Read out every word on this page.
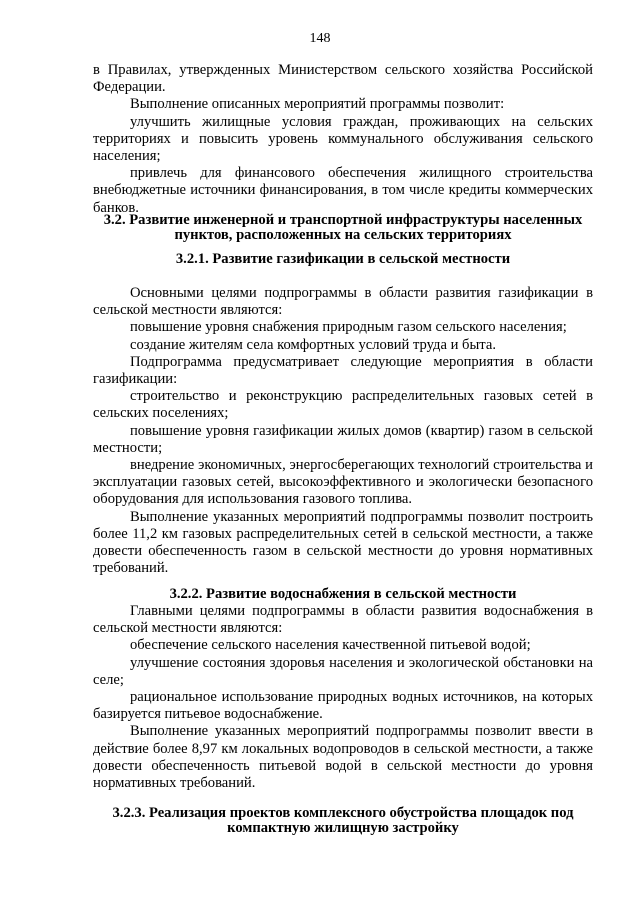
148

в Правилах, утвержденных Министерством сельского хозяйства Российской Федерации.

Выполнение описанных мероприятий программы позволит:

улучшить жилищные условия граждан, проживающих на сельских территориях и повысить уровень коммунального обслуживания сельского населения;

привлечь для финансового обеспечения жилищного строительства внебюджетные источники финансирования, в том числе кредиты коммерческих банков.

3.2. Развитие инженерной и транспортной инфраструктуры населенных пунктов, расположенных на сельских территориях

3.2.1. Развитие газификации в сельской местности

Основными целями подпрограммы в области развития газификации в сельской местности являются:

повышение уровня снабжения природным газом сельского населения;

создание жителям села комфортных условий труда и быта.

Подпрограмма предусматривает следующие мероприятия в области газификации:

строительство и реконструкцию распределительных газовых сетей в сельских поселениях;

повышение уровня газификации жилых домов (квартир) газом в сельской местности;

внедрение экономичных, энергосберегающих технологий строительства и эксплуатации газовых сетей, высокоэффективного и экологически безопасного оборудования для использования газового топлива.

Выполнение указанных мероприятий подпрограммы позволит построить более 11,2 км газовых распределительных сетей в сельской местности, а также довести обеспеченность газом в сельской местности до уровня нормативных требований.

3.2.2. Развитие водоснабжения в сельской местности

Главными целями подпрограммы в области развития водоснабжения в сельской местности являются:

обеспечение сельского населения качественной питьевой водой;

улучшение состояния здоровья населения и экологической обстановки на селе;

рациональное использование природных водных источников, на которых базируется питьевое водоснабжение.

Выполнение указанных мероприятий подпрограммы позволит ввести в действие более 8,97 км локальных водопроводов в сельской местности, а также довести обеспеченность питьевой водой в сельской местности до уровня нормативных требований.

3.2.3. Реализация проектов комплексного обустройства площадок под компактную жилищную застройку
